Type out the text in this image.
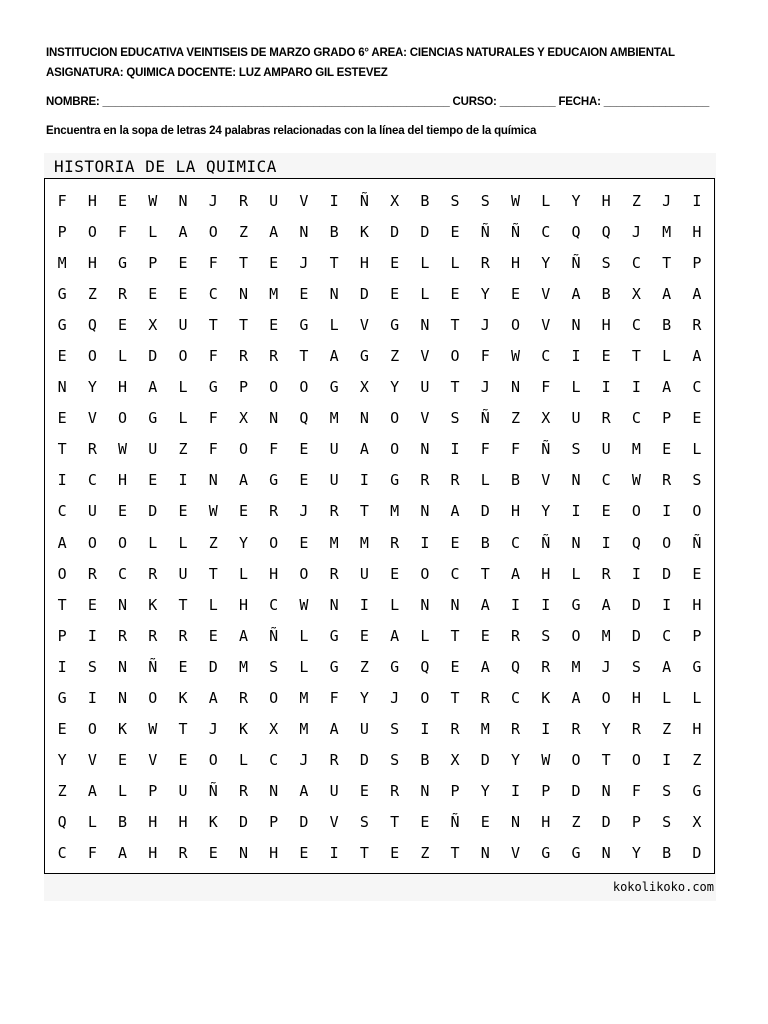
INSTITUCION EDUCATIVA VEINTISEIS DE MARZO GRADO 6° AREA: CIENCIAS NATURALES Y EDUCAION AMBIENTAL
ASIGNATURA: QUIMICA DOCENTE: LUZ AMPARO GIL ESTEVEZ
NOMBRE: ________________________________________________________ CURSO: _________ FECHA: _________________
Encuentra en la sopa de letras 24 palabras relacionadas con la línea del tiempo de la química
HISTORIA DE LA QUIMICA
F	H	E	W	N	J	R	U	V	I	Ñ	X	B	S	S	W	L	Y	H	Z	J	I
P	O	F	L	A	O	Z	A	N	B	K	D	D	E	Ñ	Ñ	C	Q	Q	J	M	H
M	H	G	P	E	F	T	E	J	T	H	E	L	L	R	H	Y	Ñ	S	C	T	P
G	Z	R	E	E	C	N	M	E	N	D	E	L	E	Y	E	V	A	B	X	A	A
G	Q	E	X	U	T	T	E	G	L	V	G	N	T	J	O	V	N	H	C	B	R
E	O	L	D	O	F	R	R	T	A	G	Z	V	O	F	W	C	I	E	T	L	A
N	Y	H	A	L	G	P	O	O	G	X	Y	U	T	J	N	F	L	I	I	A	C
E	V	O	G	L	F	X	N	Q	M	N	O	V	S	Ñ	Z	X	U	R	C	P	E
T	R	W	U	Z	F	O	F	E	U	A	O	N	I	F	F	Ñ	S	U	M	E	L
I	C	H	E	I	N	A	G	E	U	I	G	R	R	L	B	V	N	C	W	R	S
C	U	E	D	E	W	E	R	J	R	T	M	N	A	D	H	Y	I	E	O	I	O
A	O	O	L	L	Z	Y	O	E	M	M	R	I	E	B	C	Ñ	N	I	Q	O	Ñ
O	R	C	R	U	T	L	H	O	R	U	E	O	C	T	A	H	L	R	I	D	E
T	E	N	K	T	L	H	C	W	N	I	L	N	N	A	I	I	G	A	D	I	H
P	I	R	R	R	E	A	Ñ	L	G	E	A	L	T	E	R	S	O	M	D	C	P
I	S	N	Ñ	E	D	M	S	L	G	Z	G	Q	E	A	Q	R	M	J	S	A	G
G	I	N	O	K	A	R	O	M	F	Y	J	O	T	R	C	K	A	O	H	L	L
E	O	K	W	T	J	K	X	M	A	U	S	I	R	M	R	I	R	Y	R	Z	H
Y	V	E	V	E	O	L	C	J	R	D	S	B	X	D	Y	W	O	T	O	I	Z
Z	A	L	P	U	Ñ	R	N	A	U	E	R	N	P	Y	I	P	D	N	F	S	G
Q	L	B	H	H	K	D	P	D	V	S	T	E	Ñ	E	N	H	Z	D	P	S	X
C	F	A	H	R	E	N	H	E	I	T	E	Z	T	N	V	G	G	N	Y	B	D
kokolikoko.com
